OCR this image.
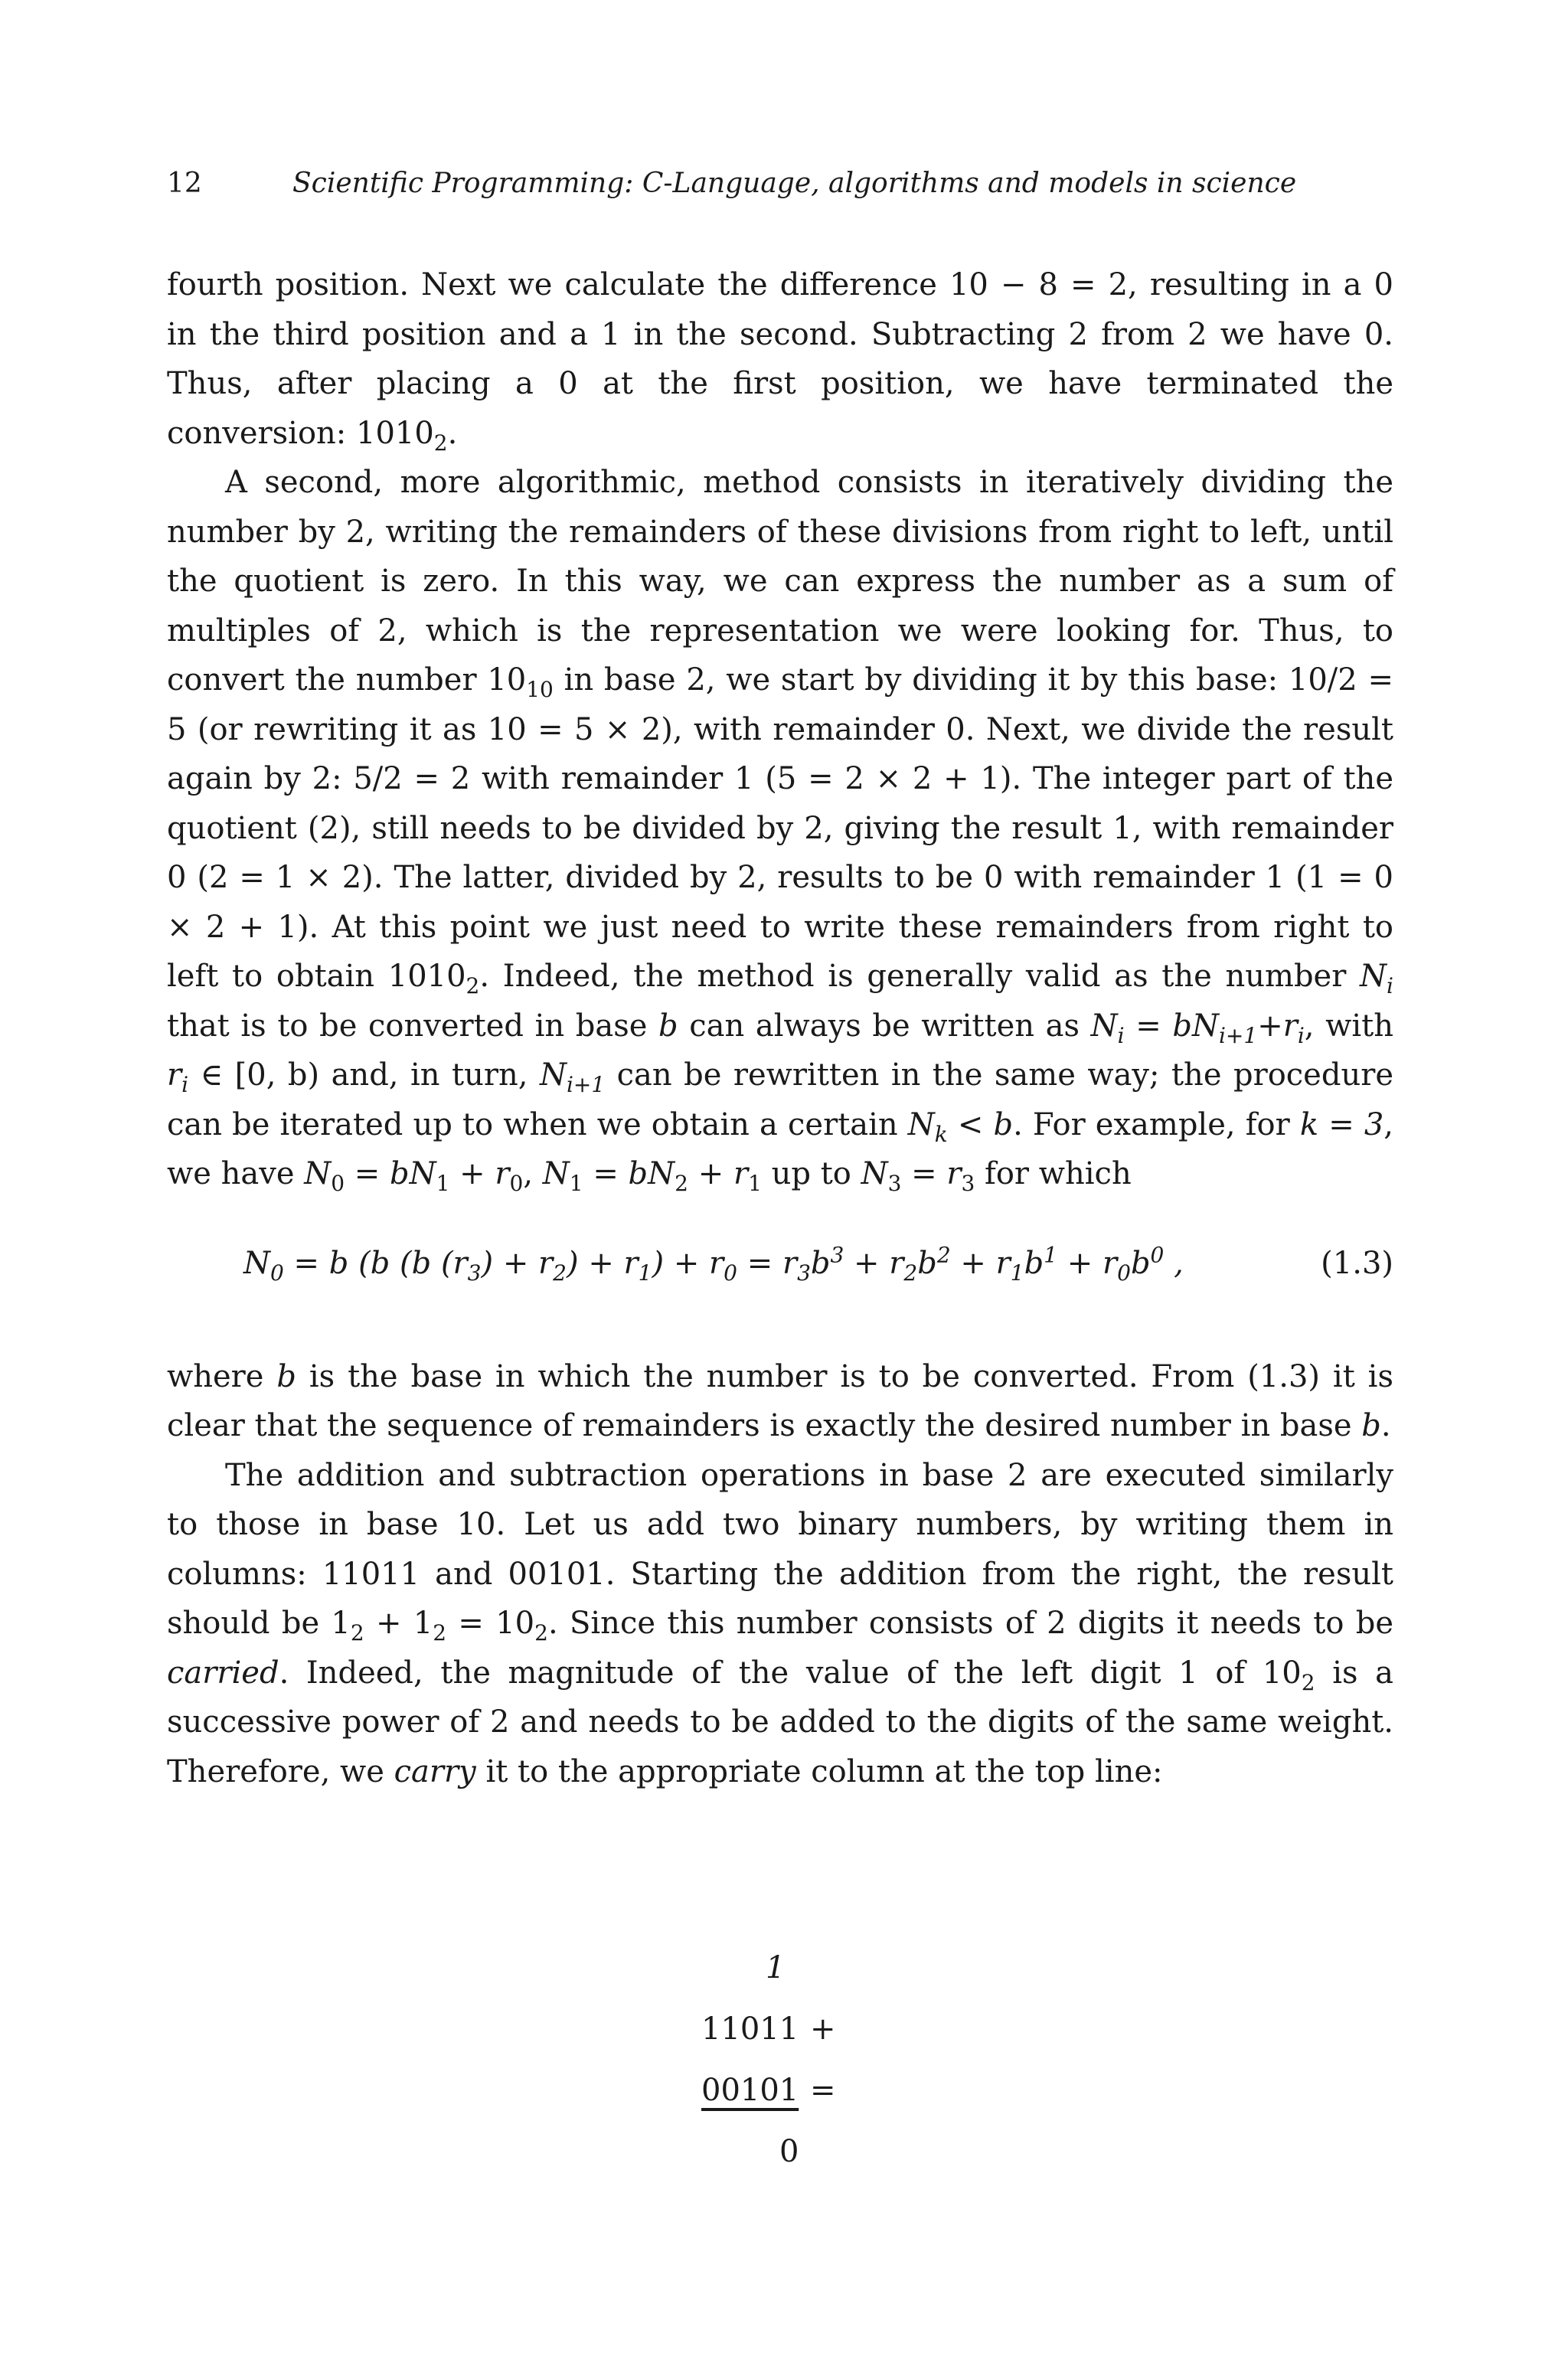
12	Scientific Programming: C-Language, algorithms and models in science

fourth position. Next we calculate the difference 10 − 8 = 2, resulting in a 0 in the third position and a 1 in the second. Subtracting 2 from 2 we have 0. Thus, after placing a 0 at the first position, we have terminated the conversion: $1010_2$.

A second, more algorithmic, method consists in iteratively dividing the number by 2, writing the remainders of these divisions from right to left, until the quotient is zero. In this way, we can express the number as a sum of multiples of 2, which is the representation we were looking for. Thus, to convert the number $10_{10}$ in base 2, we start by dividing it by this base: 10/2 = 5 (or rewriting it as 10 = 5 × 2), with remainder 0. Next, we divide the result again by 2: 5/2 = 2 with remainder 1 (5 = 2 × 2 + 1). The integer part of the quotient (2), still needs to be divided by 2, giving the result 1, with remainder 0 (2 = 1 × 2). The latter, divided by 2, results to be 0 with remainder 1 (1 = 0 × 2 + 1). At this point we just need to write these remainders from right to left to obtain $1010_2$. Indeed, the method is generally valid as the number $N_i$ that is to be converted in base b can always be written as $N_i = bN_{i+1}+r_i$, with $r_i$ ∈ [0, b) and, in turn, $N_{i+1}$ can be rewritten in the same way; the procedure can be iterated up to when we obtain a certain $N_k < b$. For example, for k = 3, we have $N_0 = bN_1 + r_0$, $N_1 = bN_2 + r_1$ up to $N_3 = r_3$ for which

$N_0 = b$ (b (b $(r_3) + r_2) + r_1) + r_0 = r_3b^3 + r_2b^2 + r_1b^1 + r_0b^0$ ,	(1.3)

where b is the base in which the number is to be converted. From (1.3) it is clear that the sequence of remainders is exactly the desired number in base b.

The addition and subtraction operations in base 2 are executed similarly to those in base 10. Let us add two binary numbers, by writing them in columns: 11011 and 00101. Starting the addition from the right, the result should be $1_2 + 1_2 = 10_2$. Since this number consists of 2 digits it needs to be carried. Indeed, the magnitude of the value of the left digit 1 of $10_2$ is a successive power of 2 and needs to be added to the digits of the same weight. Therefore, we carry it to the appropriate column at the top line:

1
11011 +
00101 =
0
